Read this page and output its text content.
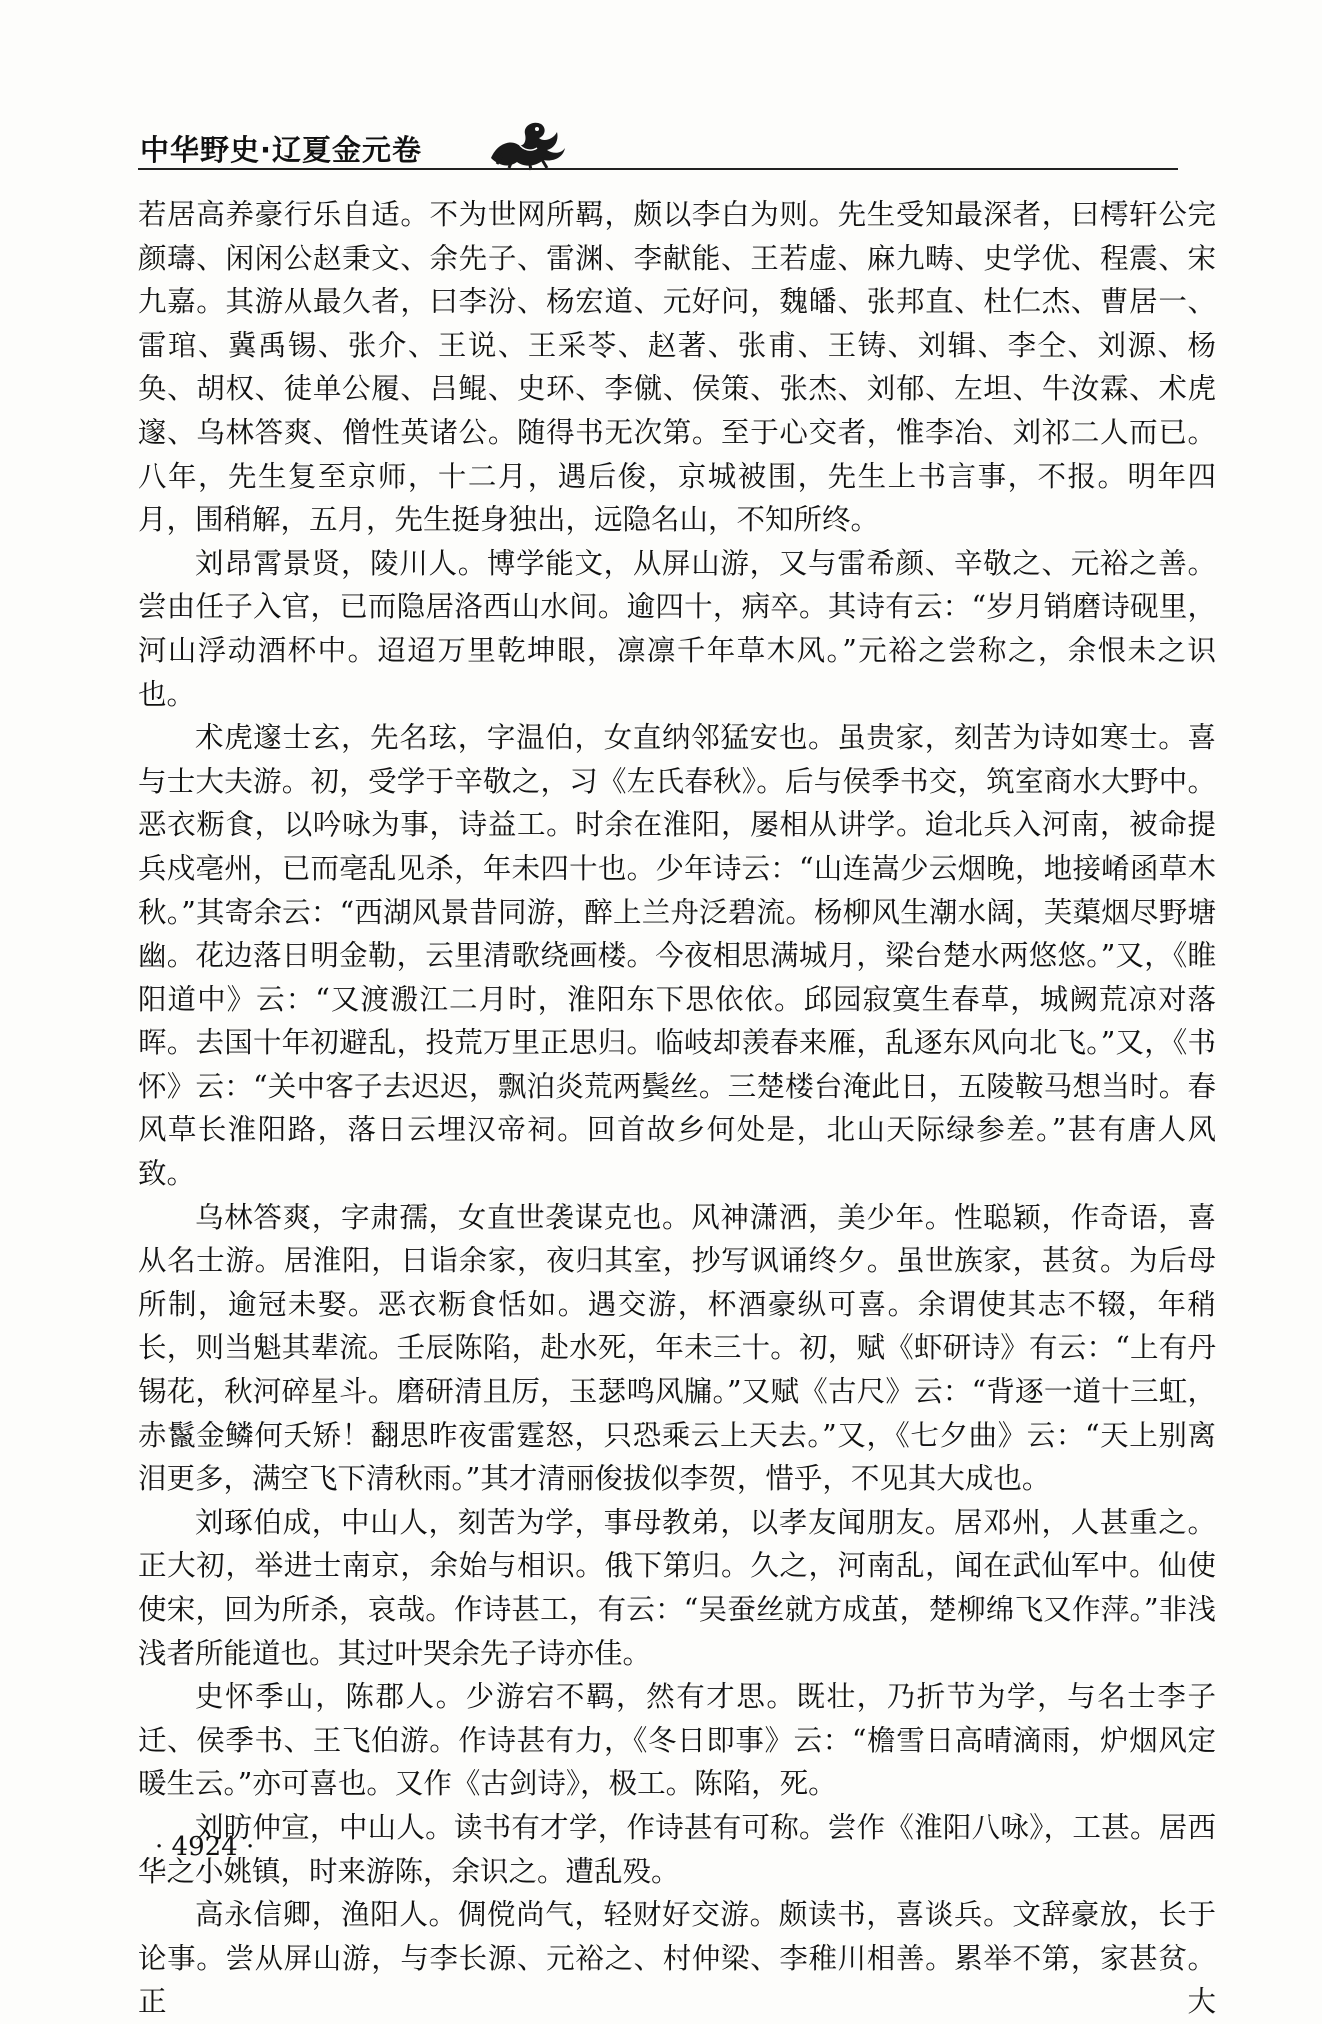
中华野史·辽夏金元卷

若居高养豪行乐自适。不为世网所羁，颇以李白为则。先生受知最深者，曰樗轩公完颜璹、闲闲公赵秉文、余先子、雷渊、李献能、王若虚、麻九畴、史学优、程震、宋九嘉。其游从最久者，曰李汾、杨宏道、元好问，魏皤、张邦直、杜仁杰、曹居一、雷琯、冀禹锡、张介、王说、王采苓、赵著、张甫、王铸、刘辑、李仝、刘源、杨奂、胡权、徒单公履、吕鲲、史环、李僦、侯策、张杰、刘郁、左坦、牛汝霖、术虎邃、乌林答爽、僧性英诸公。随得书无次第。至于心交者，惟李冶、刘祁二人而已。八年，先生复至京师，十二月，遇后俊，京城被围，先生上书言事，不报。明年四月，围稍解，五月，先生挺身独出，远隐名山，不知所终。

刘昂霄景贤，陵川人。博学能文，从屏山游，又与雷希颜、辛敬之、元裕之善。尝由任子入官，已而隐居洛西山水间。逾四十，病卒。其诗有云：“岁月销磨诗砚里，河山浮动酒杯中。迢迢万里乾坤眼，凛凛千年草木风。”元裕之尝称之，余恨未之识也。

术虎邃士玄，先名玹，字温伯，女直纳邻猛安也。虽贵家，刻苦为诗如寒士。喜与士大夫游。初，受学于辛敬之，习《左氏春秋》。后与侯季书交，筑室商水大野中。恶衣粝食，以吟咏为事，诗益工。时余在淮阳，屡相从讲学。迨北兵入河南，被命提兵戍亳州，已而亳乱见杀，年未四十也。少年诗云：“山连嵩少云烟晚，地接崤函草木秋。”其寄余云：“西湖风景昔同游，醉上兰舟泛碧流。杨柳风生潮水阔，芙蕖烟尽野塘幽。花边落日明金勒，云里清歌绕画楼。今夜相思满城月，梁台楚水两悠悠。”又，《睢阳道中》云：“又渡溵江二月时，淮阳东下思依依。邱园寂寞生春草，城阙荒凉对落晖。去国十年初避乱，投荒万里正思归。临岐却羡春来雁，乱逐东风向北飞。”又，《书怀》云：“关中客子去迟迟，飘泊炎荒两鬓丝。三楚楼台淹此日，五陵鞍马想当时。春风草长淮阳路，落日云埋汉帝祠。回首故乡何处是，北山天际绿参差。”甚有唐人风致。

乌林答爽，字肃孺，女直世袭谋克也。风神潇洒，美少年。性聪颖，作奇语，喜从名士游。居淮阳，日诣余家，夜归其室，抄写讽诵终夕。虽世族家，甚贫。为后母所制，逾冠未娶。恶衣粝食恬如。遇交游，杯酒豪纵可喜。余谓使其志不辍，年稍长，则当魁其辈流。壬辰陈陷，赴水死，年未三十。初，赋《虾研诗》有云：“上有丹锡花，秋河碎星斗。磨研清且厉，玉瑟鸣风牖。”又赋《古尺》云：“背逐一道十三虹，赤鬣金鳞何夭矫！翻思昨夜雷霆怒，只恐乘云上天去。”又，《七夕曲》云：“天上别离泪更多，满空飞下清秋雨。”其才清丽俊拔似李贺，惜乎，不见其大成也。

刘琢伯成，中山人，刻苦为学，事母教弟，以孝友闻朋友。居邓州，人甚重之。正大初，举进士南京，余始与相识。俄下第归。久之，河南乱，闻在武仙军中。仙使使宋，回为所杀，哀哉。作诗甚工，有云：“吴蚕丝就方成茧，楚柳绵飞又作萍。”非浅浅者所能道也。其过叶哭余先子诗亦佳。

史怀季山，陈郡人。少游宕不羁，然有才思。既壮，乃折节为学，与名士李子迁、侯季书、王飞伯游。作诗甚有力，《冬日即事》云：“檐雪日高晴滴雨，炉烟风定暖生云。”亦可喜也。又作《古剑诗》，极工。陈陷，死。

刘昉仲宣，中山人。读书有才学，作诗甚有可称。尝作《淮阳八咏》，工甚。居西华之小姚镇，时来游陈，余识之。遭乱殁。

高永信卿，渔阳人。倜傥尚气，轻财好交游。颇读书，喜谈兵。文辞豪放，长于论事。尝从屏山游，与李长源、元裕之、村仲梁、李稚川相善。累举不第，家甚贫。正大

· 4924 ·
